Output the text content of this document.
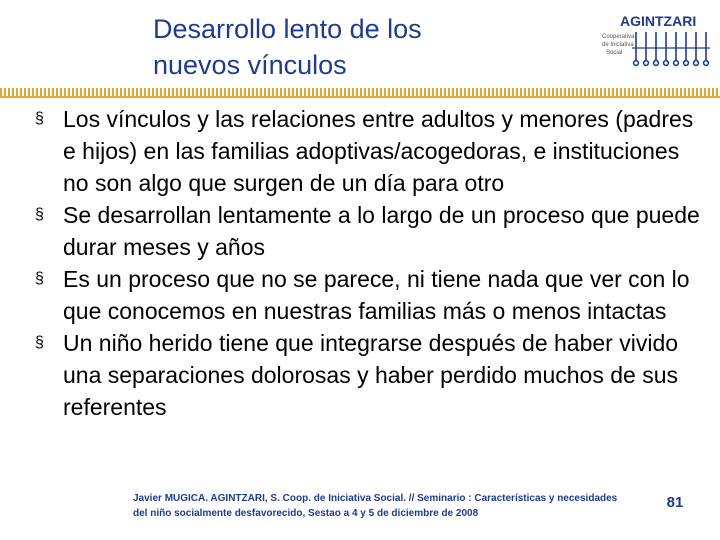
Desarrollo lento de los
nuevos vínculos
AGINTZARI
Cooperativa
de Iniciativa
Social
§ Los vínculos y las relaciones entre adultos y menores (padres e hijos) en las familias adoptivas/acogedoras, e instituciones no son algo que surgen de un día para otro
§ Se desarrollan lentamente a lo largo de un proceso que puede durar meses y años
§ Es un proceso que no se parece, ni tiene nada que ver con lo que conocemos en nuestras familias más o menos intactas
§ Un niño herido tiene que integrarse después de haber vivido una separaciones dolorosas y haber perdido muchos de sus referentes
Javier MUGICA. AGINTZARI, S. Coop. de Iniciativa Social. // Seminario : Características y necesidades del niño socialmente desfavorecido, Sestao a 4 y 5 de diciembre de 2008
81
